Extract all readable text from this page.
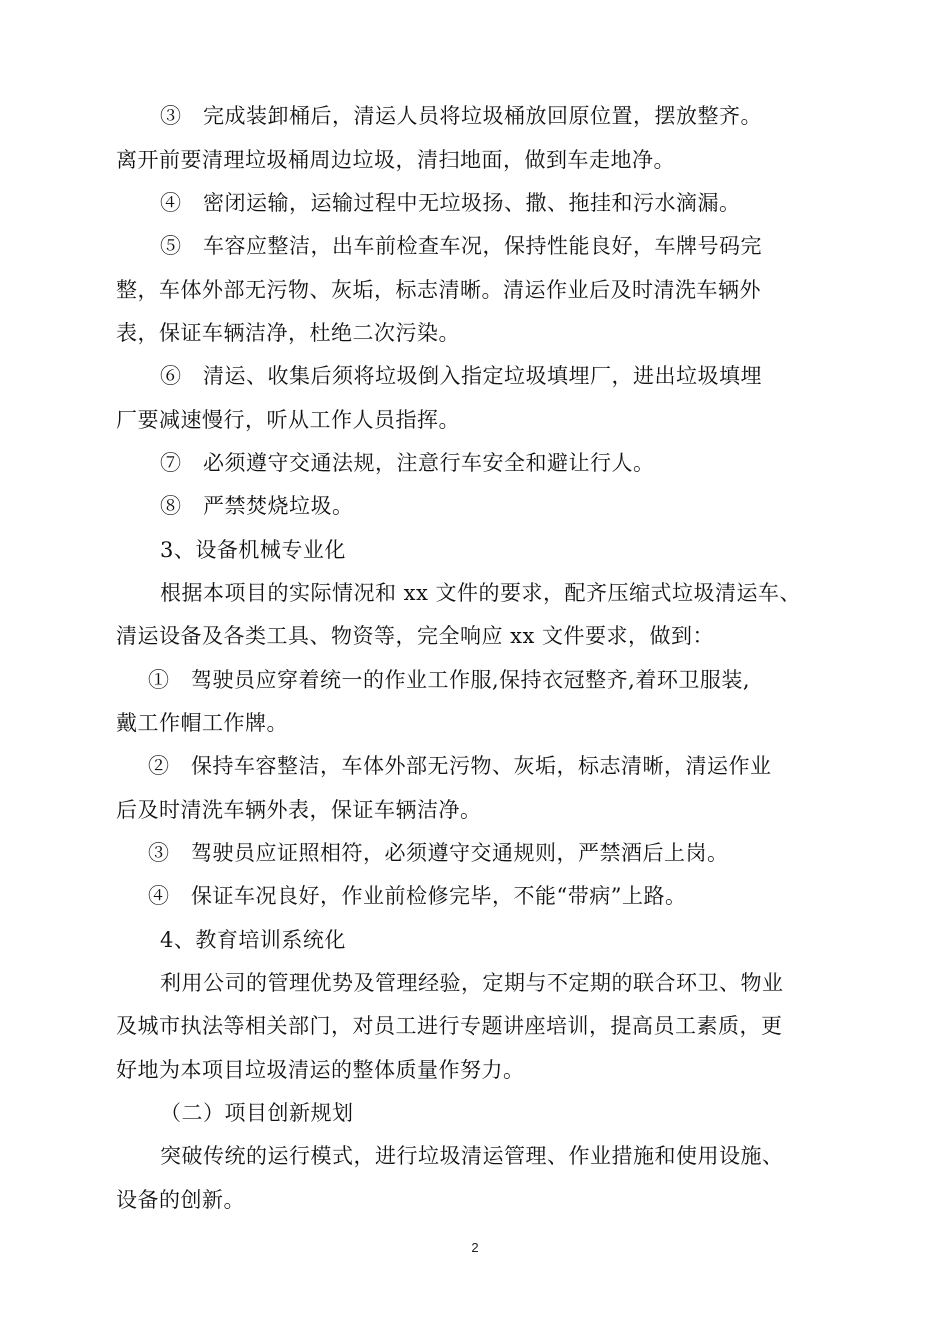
③　完成装卸桶后，清运人员将垃圾桶放回原位置，摆放整齐。
离开前要清理垃圾桶周边垃圾，清扫地面，做到车走地净。
④　密闭运输，运输过程中无垃圾扬、撒、拖挂和污水滴漏。
⑤　车容应整洁，出车前检查车况，保持性能良好，车牌号码完
整，车体外部无污物、灰垢，标志清晰。清运作业后及时清洗车辆外
表，保证车辆洁净，杜绝二次污染。
⑥　清运、收集后须将垃圾倒入指定垃圾填埋厂，进出垃圾填埋
厂要减速慢行，听从工作人员指挥。
⑦　必须遵守交通法规，注意行车安全和避让行人。
⑧　严禁焚烧垃圾。
3、设备机械专业化
根据本项目的实际情况和 xx 文件的要求，配齐压缩式垃圾清运车、
清运设备及各类工具、物资等，完全响应 xx 文件要求，做到：
①　驾驶员应穿着统一的作业工作服,保持衣冠整齐,着环卫服装,
戴工作帽工作牌。
②　保持车容整洁，车体外部无污物、灰垢，标志清晰，清运作业
后及时清洗车辆外表，保证车辆洁净。
③　驾驶员应证照相符，必须遵守交通规则，严禁酒后上岗。
④　保证车况良好，作业前检修完毕，不能“带病”上路。
4、教育培训系统化
利用公司的管理优势及管理经验，定期与不定期的联合环卫、物业
及城市执法等相关部门，对员工进行专题讲座培训，提高员工素质，更
好地为本项目垃圾清运的整体质量作努力。
（二）项目创新规划
突破传统的运行模式，进行垃圾清运管理、作业措施和使用设施、
设备的创新。
2
